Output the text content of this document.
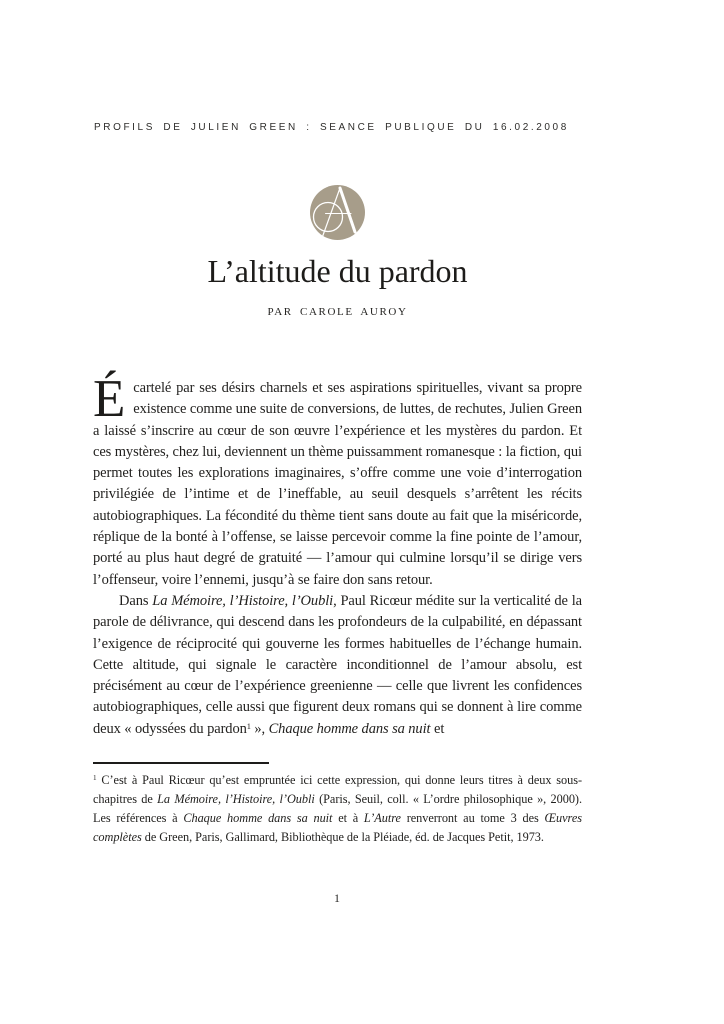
PROFILS DE JULIEN GREEN : SEANCE PUBLIQUE DU 16.02.2008
L’altitude du pardon
PAR CAROLE AUROY

Écartelé par ses désirs charnels et ses aspirations spirituelles, vivant sa propre existence comme une suite de conversions, de luttes, de rechutes, Julien Green a laissé s’inscrire au cœur de son œuvre l’expérience et les mystères du pardon. Et ces mystères, chez lui, deviennent un thème puissamment romanesque : la fiction, qui permet toutes les explorations imaginaires, s’offre comme une voie d’interrogation privilégiée de l’intime et de l’ineffable, au seuil desquels s’arrêtent les récits autobiographiques. La fécondité du thème tient sans doute au fait que la miséricorde, réplique de la bonté à l’offense, se laisse percevoir comme la fine pointe de l’amour, porté au plus haut degré de gratuité — l’amour qui culmine lorsqu’il se dirige vers l’offenseur, voire l’ennemi, jusqu’à se faire don sans retour.

Dans La Mémoire, l’Histoire, l’Oubli, Paul Ricœur médite sur la verticalité de la parole de délivrance, qui descend dans les profondeurs de la culpabilité, en dépassant l’exigence de réciprocité qui gouverne les formes habituelles de l’échange humain. Cette altitude, qui signale le caractère inconditionnel de l’amour absolu, est précisément au cœur de l’expérience greenienne — celle que livrent les confidences autobiographiques, celle aussi que figurent deux romans qui se donnent à lire comme deux « odyssées du pardon$^1$ », Chaque homme dans sa nuit et

$^1$ C’est à Paul Ricœur qu’est empruntée ici cette expression, qui donne leurs titres à deux sous-chapitres de La Mémoire, l’Histoire, l’Oubli (Paris, Seuil, coll. « L’ordre philosophique », 2000). Les références à Chaque homme dans sa nuit et à L’Autre renverront au tome 3 des Œuvres complètes de Green, Paris, Gallimard, Bibliothèque de la Pléiade, éd. de Jacques Petit, 1973.

1
